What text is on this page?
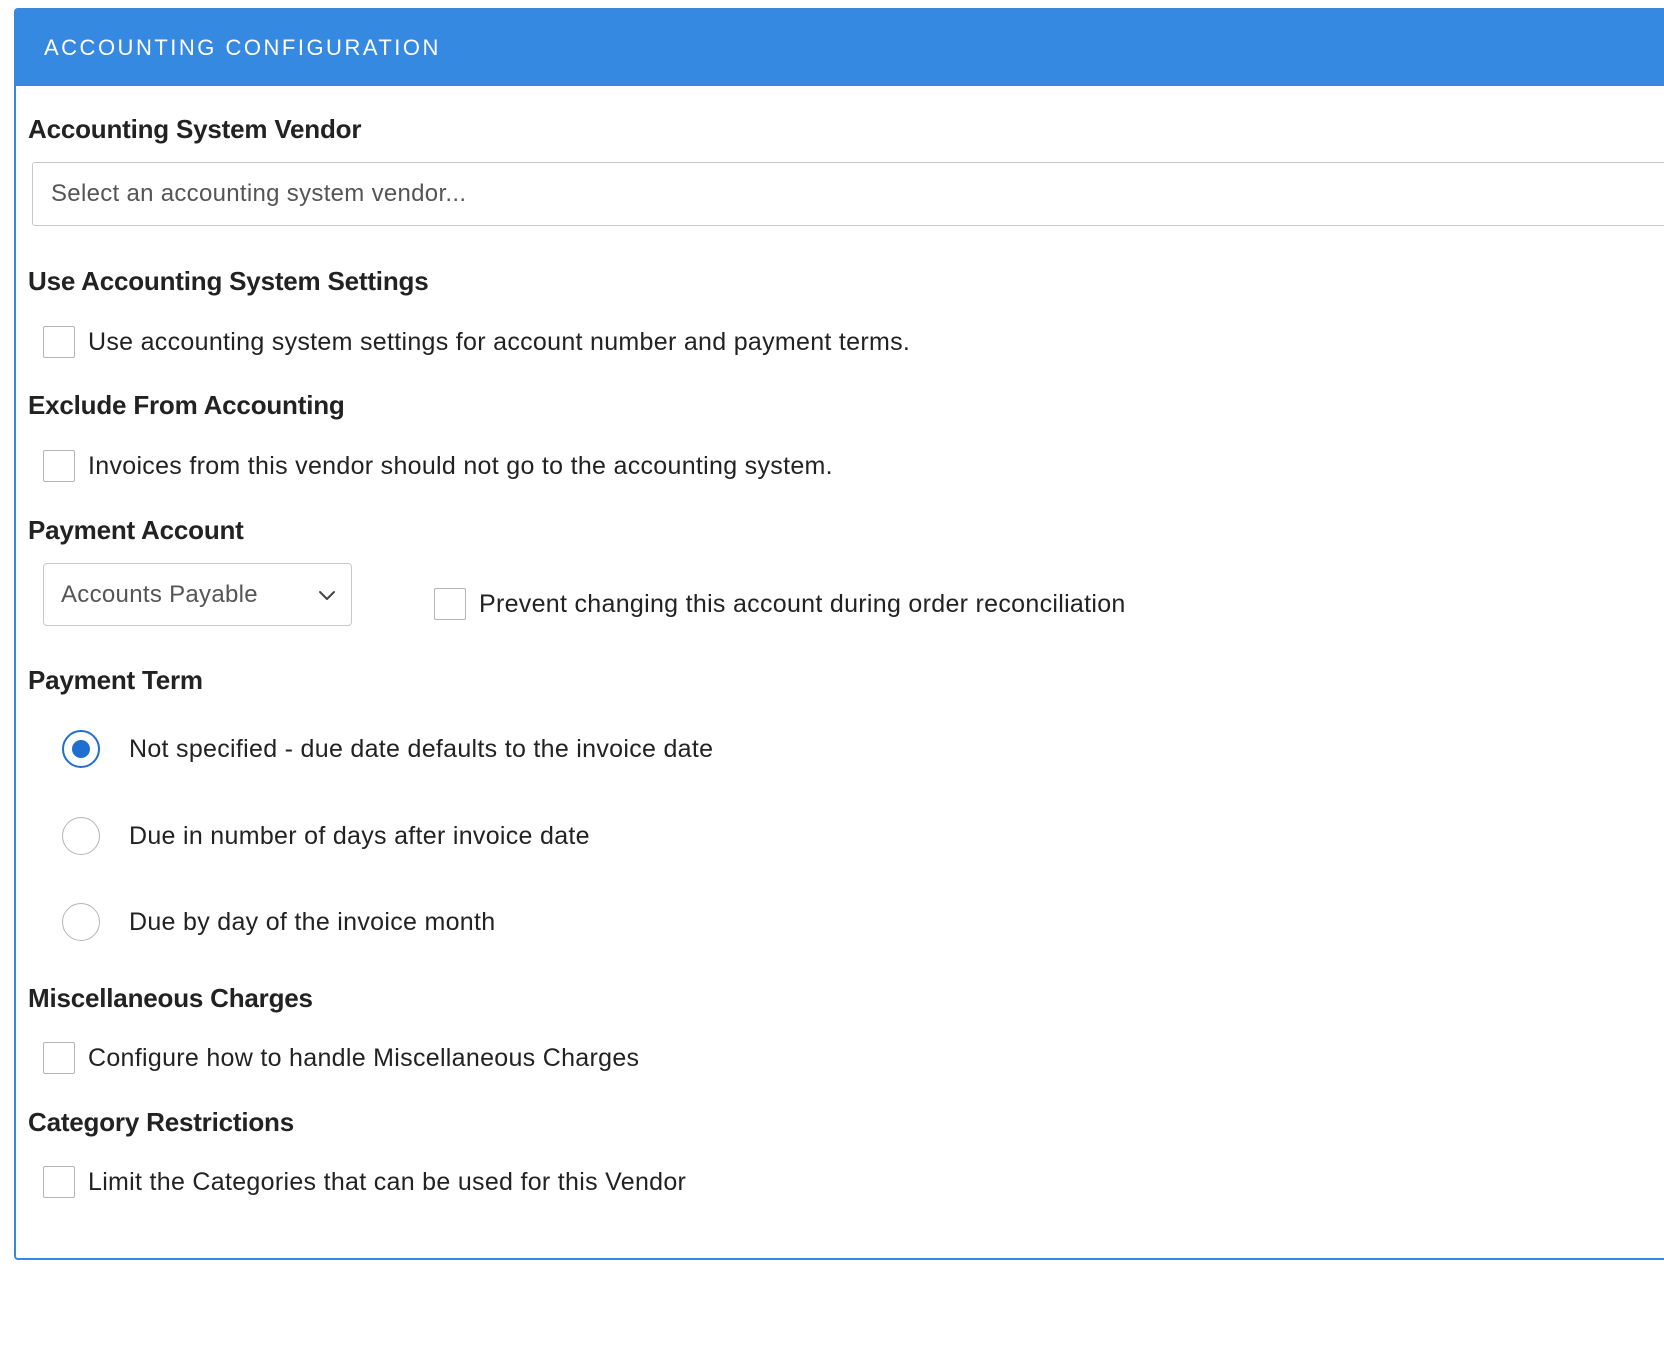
ACCOUNTING CONFIGURATION
Accounting System Vendor
Select an accounting system vendor...
Use Accounting System Settings
Use accounting system settings for account number and payment terms.
Exclude From Accounting
Invoices from this vendor should not go to the accounting system.
Payment Account
Accounts Payable	Prevent changing this account during order reconciliation
Payment Term
Not specified - due date defaults to the invoice date
Due in number of days after invoice date
Due by day of the invoice month
Miscellaneous Charges
Configure how to handle Miscellaneous Charges
Category Restrictions
Limit the Categories that can be used for this Vendor
